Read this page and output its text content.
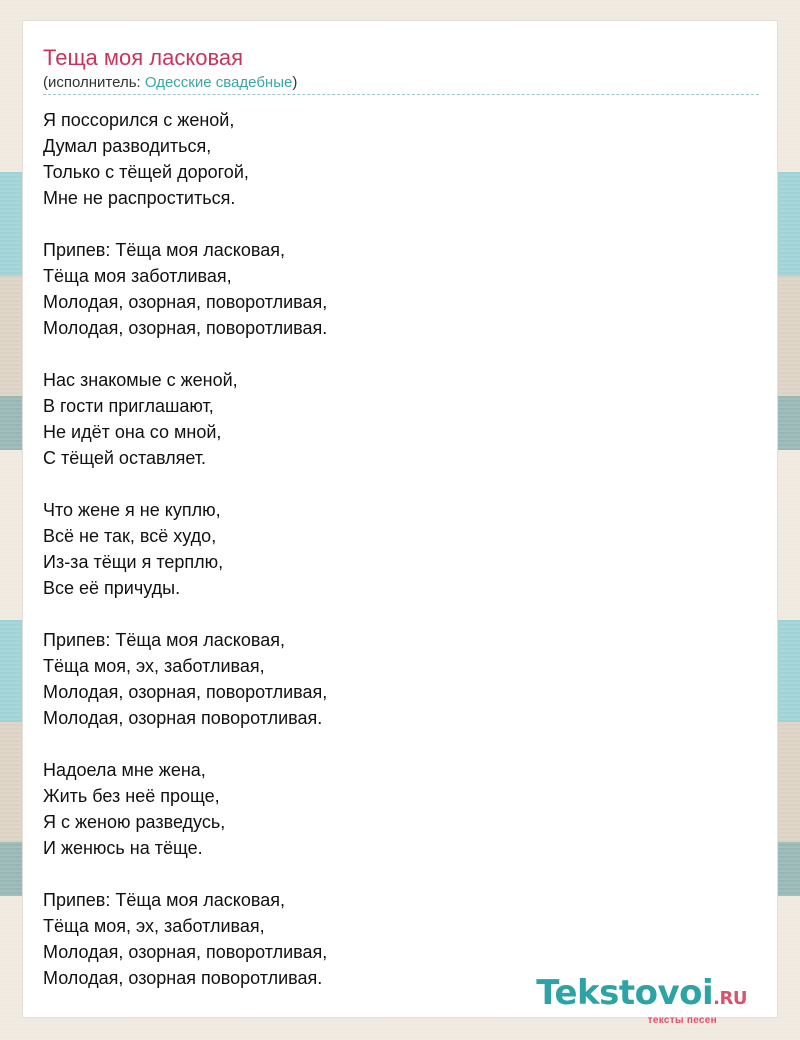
Теща моя ласковая
(исполнитель: Одесские свадебные)
Я поссорился с женой,
Думал разводиться,
Только с тёщей дорогой,
Мне не распроститься.
Припев: Тёща моя ласковая,
Тёща моя заботливая,
Молодая, озорная, поворотливая,
Молодая, озорная, поворотливая.
Нас знакомые с женой,
В гости приглашают,
Не идёт она со мной,
С тёщей оставляет.
Что жене я не куплю,
Всё не так, всё худо,
Из-за тёщи я терплю,
Все её причуды.
Припев: Тёща моя ласковая,
Тёща моя, эх, заботливая,
Молодая, озорная, поворотливая,
Молодая, озорная поворотливая.
Надоела мне жена,
Жить без неё проще,
Я с женою разведусь,
И женюсь на тёще.
Припев: Тёща моя ласковая,
Тёща моя, эх, заботливая,
Молодая, озорная, поворотливая,
Молодая, озорная поворотливая.	Tekstovoi.RU
тексты песен
